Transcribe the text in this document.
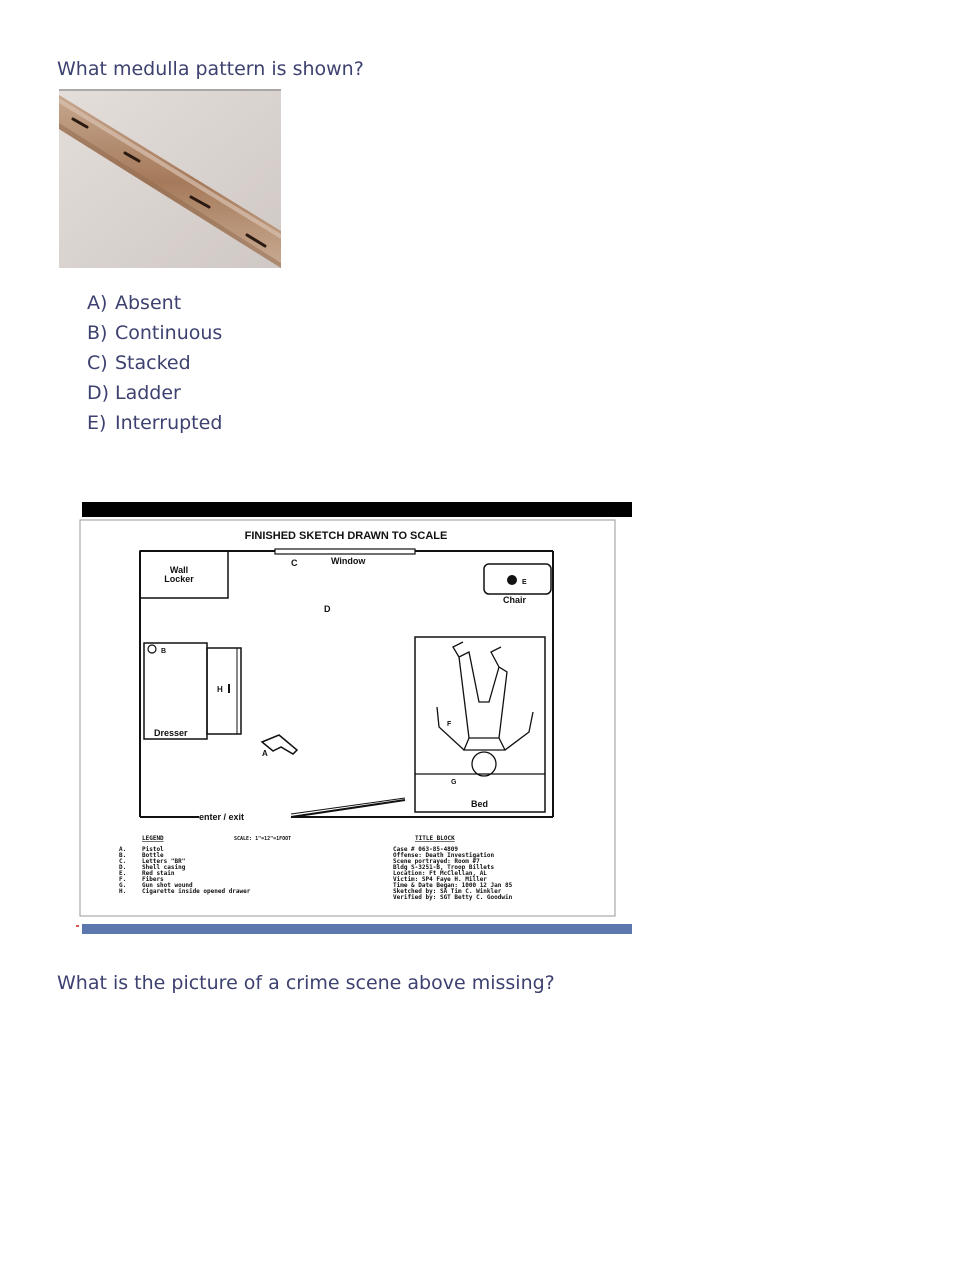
What medulla pattern is shown?
A) Absent
B) Continuous
C) Stacked
D) Ladder
E) Interrupted
FINISHED SKETCH DRAWN TO SCALE
Wall
Locker
C	Window
D
E
Chair
B
H
Dresser
A
Bed
F
G
enter / exit
LEGEND	SCALE: 1"=12"=1FOOT
A.	Pistol
B.	Bottle
C.	Letters "BR"
D.	Shell casing
E.	Red stain
F.	Fibers
G.	Gun shot wound
H.	Cigarette inside opened drawer
TITLE BLOCK
Case # 063-85-4809
Offense: Death Investigation
Scene portrayed: Room #7
Bldg S-3251-B, Troop Billets
Location: Ft McClellan, AL
Victim: SP4 Faye H. Miller
Time & Date Began: 1000 12 Jan 85
Sketched by: SA Tim C. Winkler
Verified by: SGT Betty C. Goodwin
What is the picture of a crime scene above missing?
